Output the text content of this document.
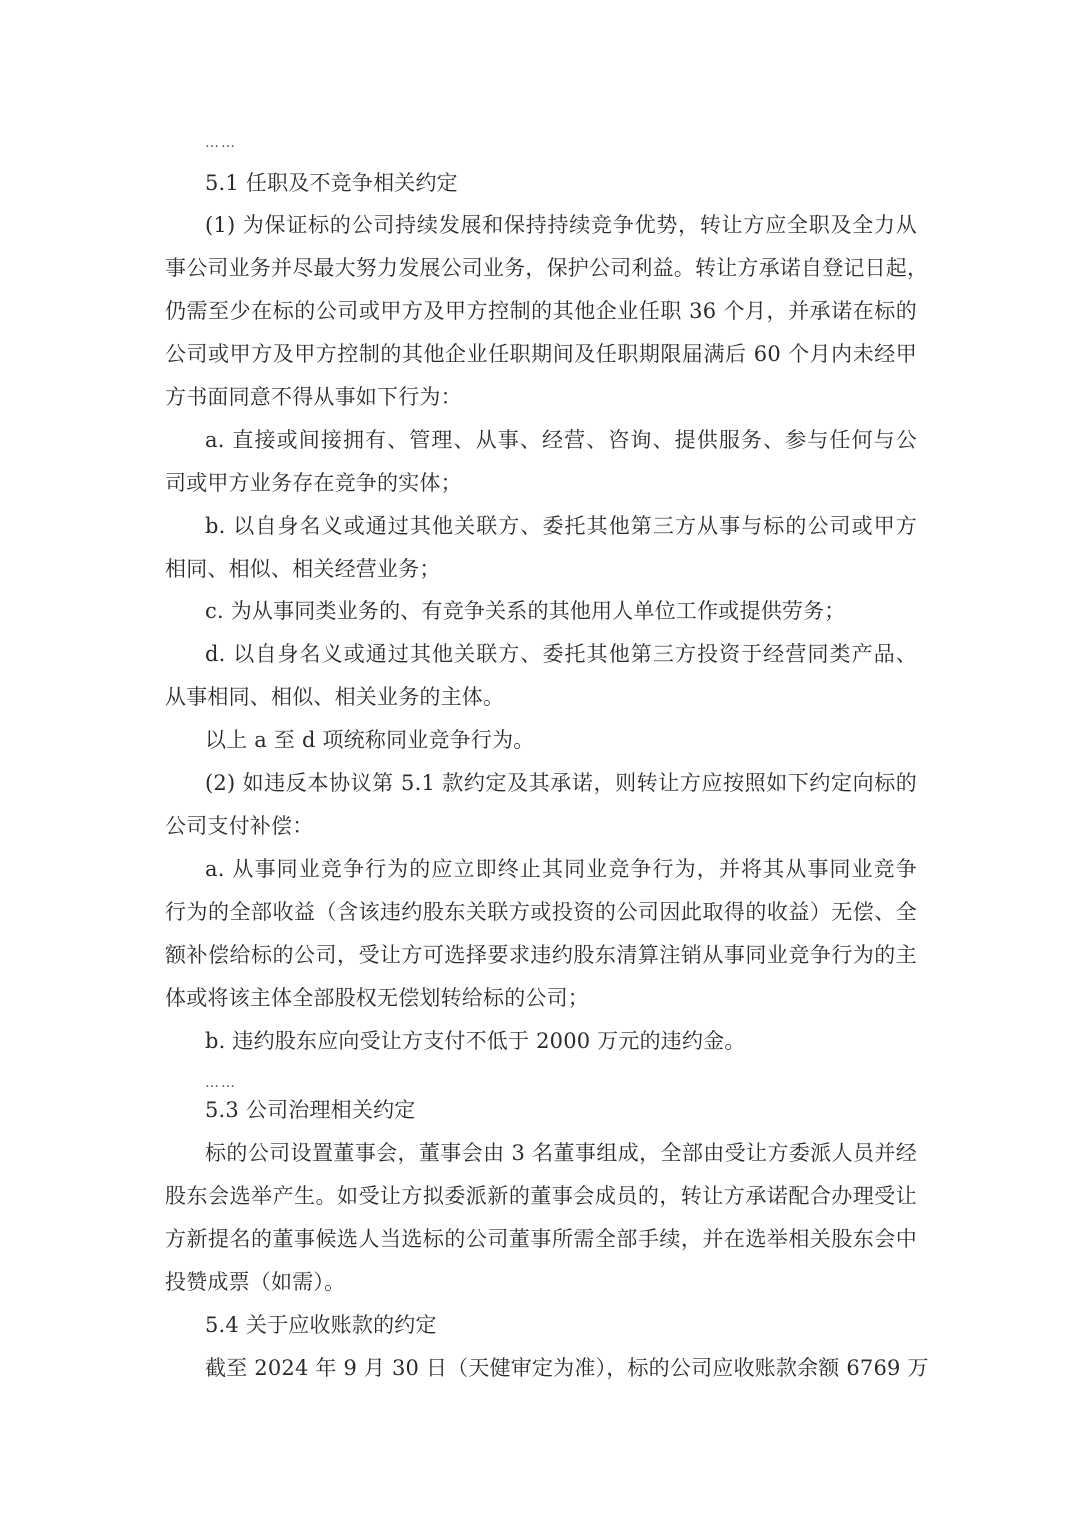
……
5.1 任职及不竞争相关约定
(1) 为保证标的公司持续发展和保持持续竞争优势，转让方应全职及全力从
事公司业务并尽最大努力发展公司业务，保护公司利益。转让方承诺自登记日起，
仍需至少在标的公司或甲方及甲方控制的其他企业任职 36 个月，并承诺在标的
公司或甲方及甲方控制的其他企业任职期间及任职期限届满后 60 个月内未经甲
方书面同意不得从事如下行为：
a. 直接或间接拥有、管理、从事、经营、咨询、提供服务、参与任何与公
司或甲方业务存在竞争的实体；
b. 以自身名义或通过其他关联方、委托其他第三方从事与标的公司或甲方
相同、相似、相关经营业务；
c. 为从事同类业务的、有竞争关系的其他用人单位工作或提供劳务；
d. 以自身名义或通过其他关联方、委托其他第三方投资于经营同类产品、
从事相同、相似、相关业务的主体。
以上 a 至 d 项统称同业竞争行为。
(2) 如违反本协议第 5.1 款约定及其承诺，则转让方应按照如下约定向标的
公司支付补偿：
a. 从事同业竞争行为的应立即终止其同业竞争行为，并将其从事同业竞争
行为的全部收益（含该违约股东关联方或投资的公司因此取得的收益）无偿、全
额补偿给标的公司，受让方可选择要求违约股东清算注销从事同业竞争行为的主
体或将该主体全部股权无偿划转给标的公司；
b. 违约股东应向受让方支付不低于 2000 万元的违约金。
……
5.3 公司治理相关约定
标的公司设置董事会，董事会由 3 名董事组成，全部由受让方委派人员并经
股东会选举产生。如受让方拟委派新的董事会成员的，转让方承诺配合办理受让
方新提名的董事候选人当选标的公司董事所需全部手续，并在选举相关股东会中
投赞成票（如需）。
5.4 关于应收账款的约定
截至 2024 年 9 月 30 日（天健审定为准），标的公司应收账款余额 6769 万
